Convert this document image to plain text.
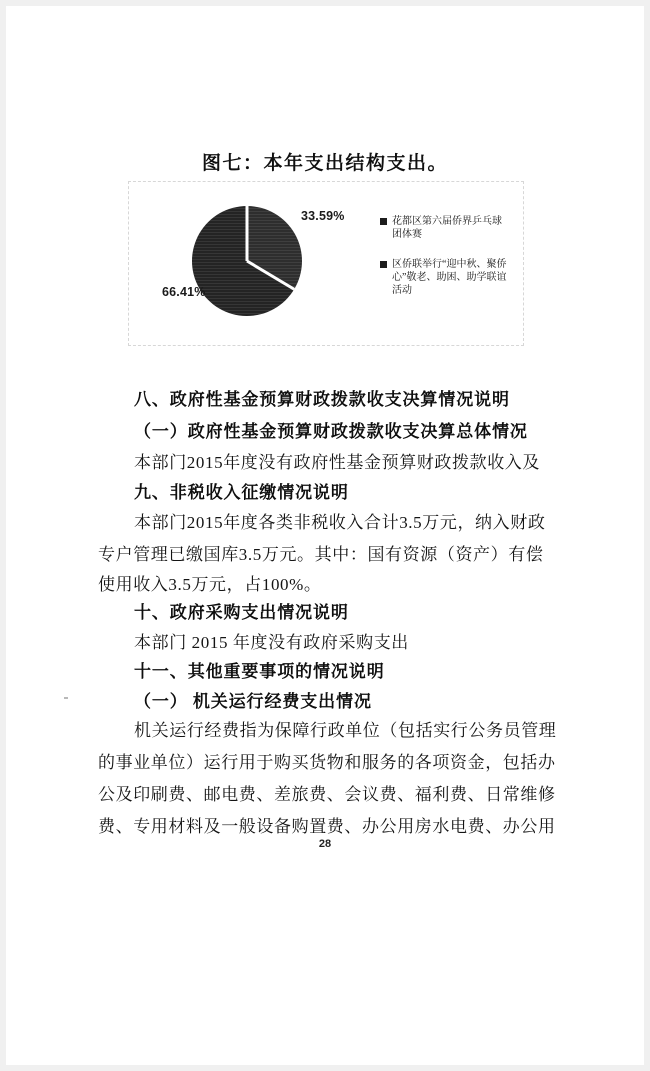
图七：本年支出结构支出。
33.59%
66.41%
花都区第六届侨界乒乓球团体赛
区侨联举行“迎中秋、聚侨心”敬老、助困、助学联谊活动
八、政府性基金预算财政拨款收支决算情况说明
（一）政府性基金预算财政拨款收支决算总体情况
本部门2015年度没有政府性基金预算财政拨款收入及
九、非税收入征缴情况说明
本部门2015年度各类非税收入合计3.5万元，纳入财政
专户管理已缴国库3.5万元。其中：国有资源（资产）有偿
使用收入3.5万元，占100%。
十、政府采购支出情况说明
本部门 2015 年度没有政府采购支出
十一、其他重要事项的情况说明
（一） 机关运行经费支出情况
机关运行经费指为保障行政单位（包括实行公务员管理
的事业单位）运行用于购买货物和服务的各项资金，包括办
公及印刷费、邮电费、差旅费、会议费、福利费、日常维修
费、专用材料及一般设备购置费、办公用房水电费、办公用
28
